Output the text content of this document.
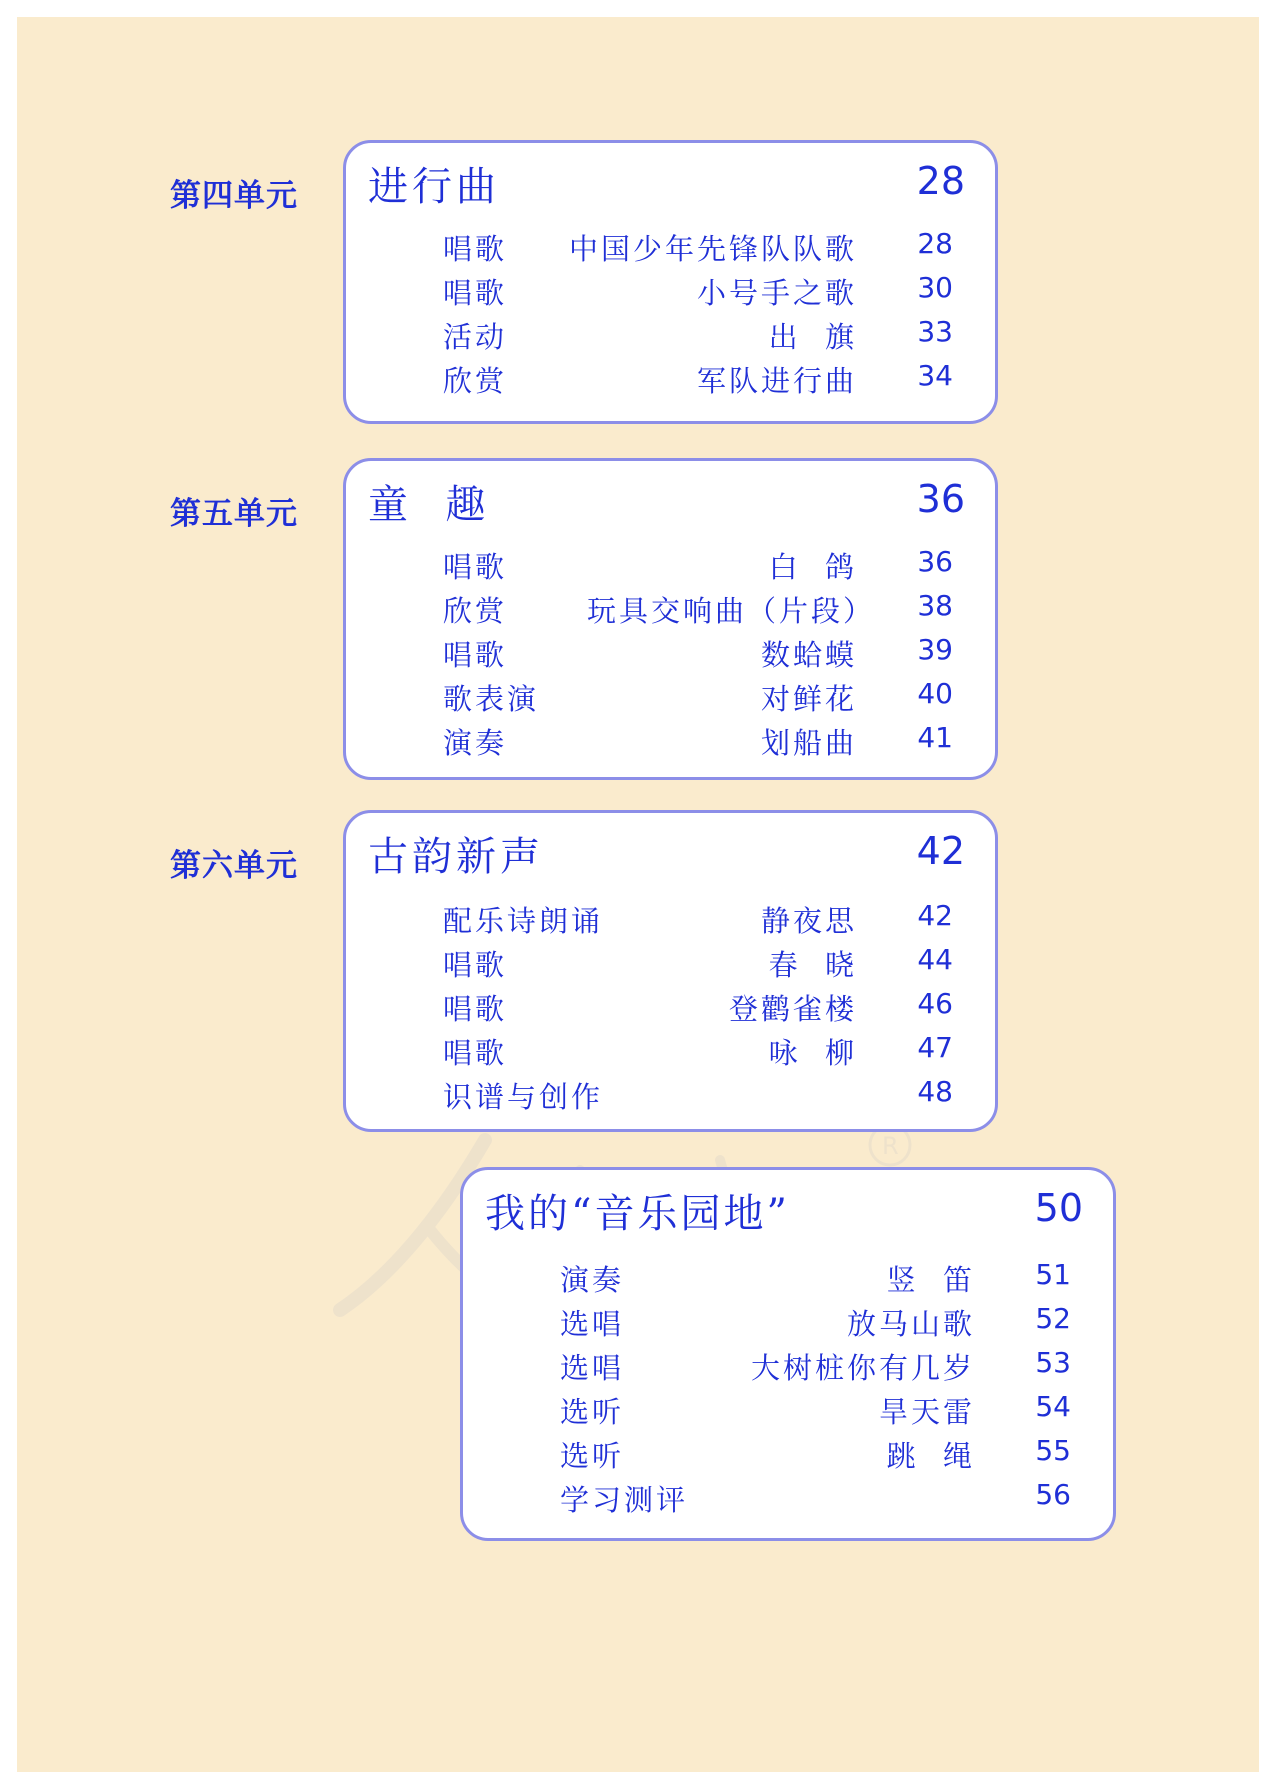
R
第四单元 进行曲	28
唱歌 中国少年先锋队队歌 28
唱歌	小号手之歌 30
活动	出  旗 33
欣赏	军队进行曲 34
第五单元 童  趣	36
唱歌	白  鸽 36
欣赏	玩具交响曲（片段） 38
唱歌	数蛤蟆 39
歌表演	对鲜花 40
演奏	划船曲 41
第六单元 古韵新声	42
配乐诗朗诵	静夜思 42
唱歌	春  晓 44
唱歌	登鹳雀楼 46
唱歌	咏  柳 47
识谱与创作	48
我的“音乐园地”	50
演奏	竖  笛 51
选唱	放马山歌 52
选唱	大树桩你有几岁 53
选听	旱天雷 54
选听	跳  绳 55
学习测评	56
